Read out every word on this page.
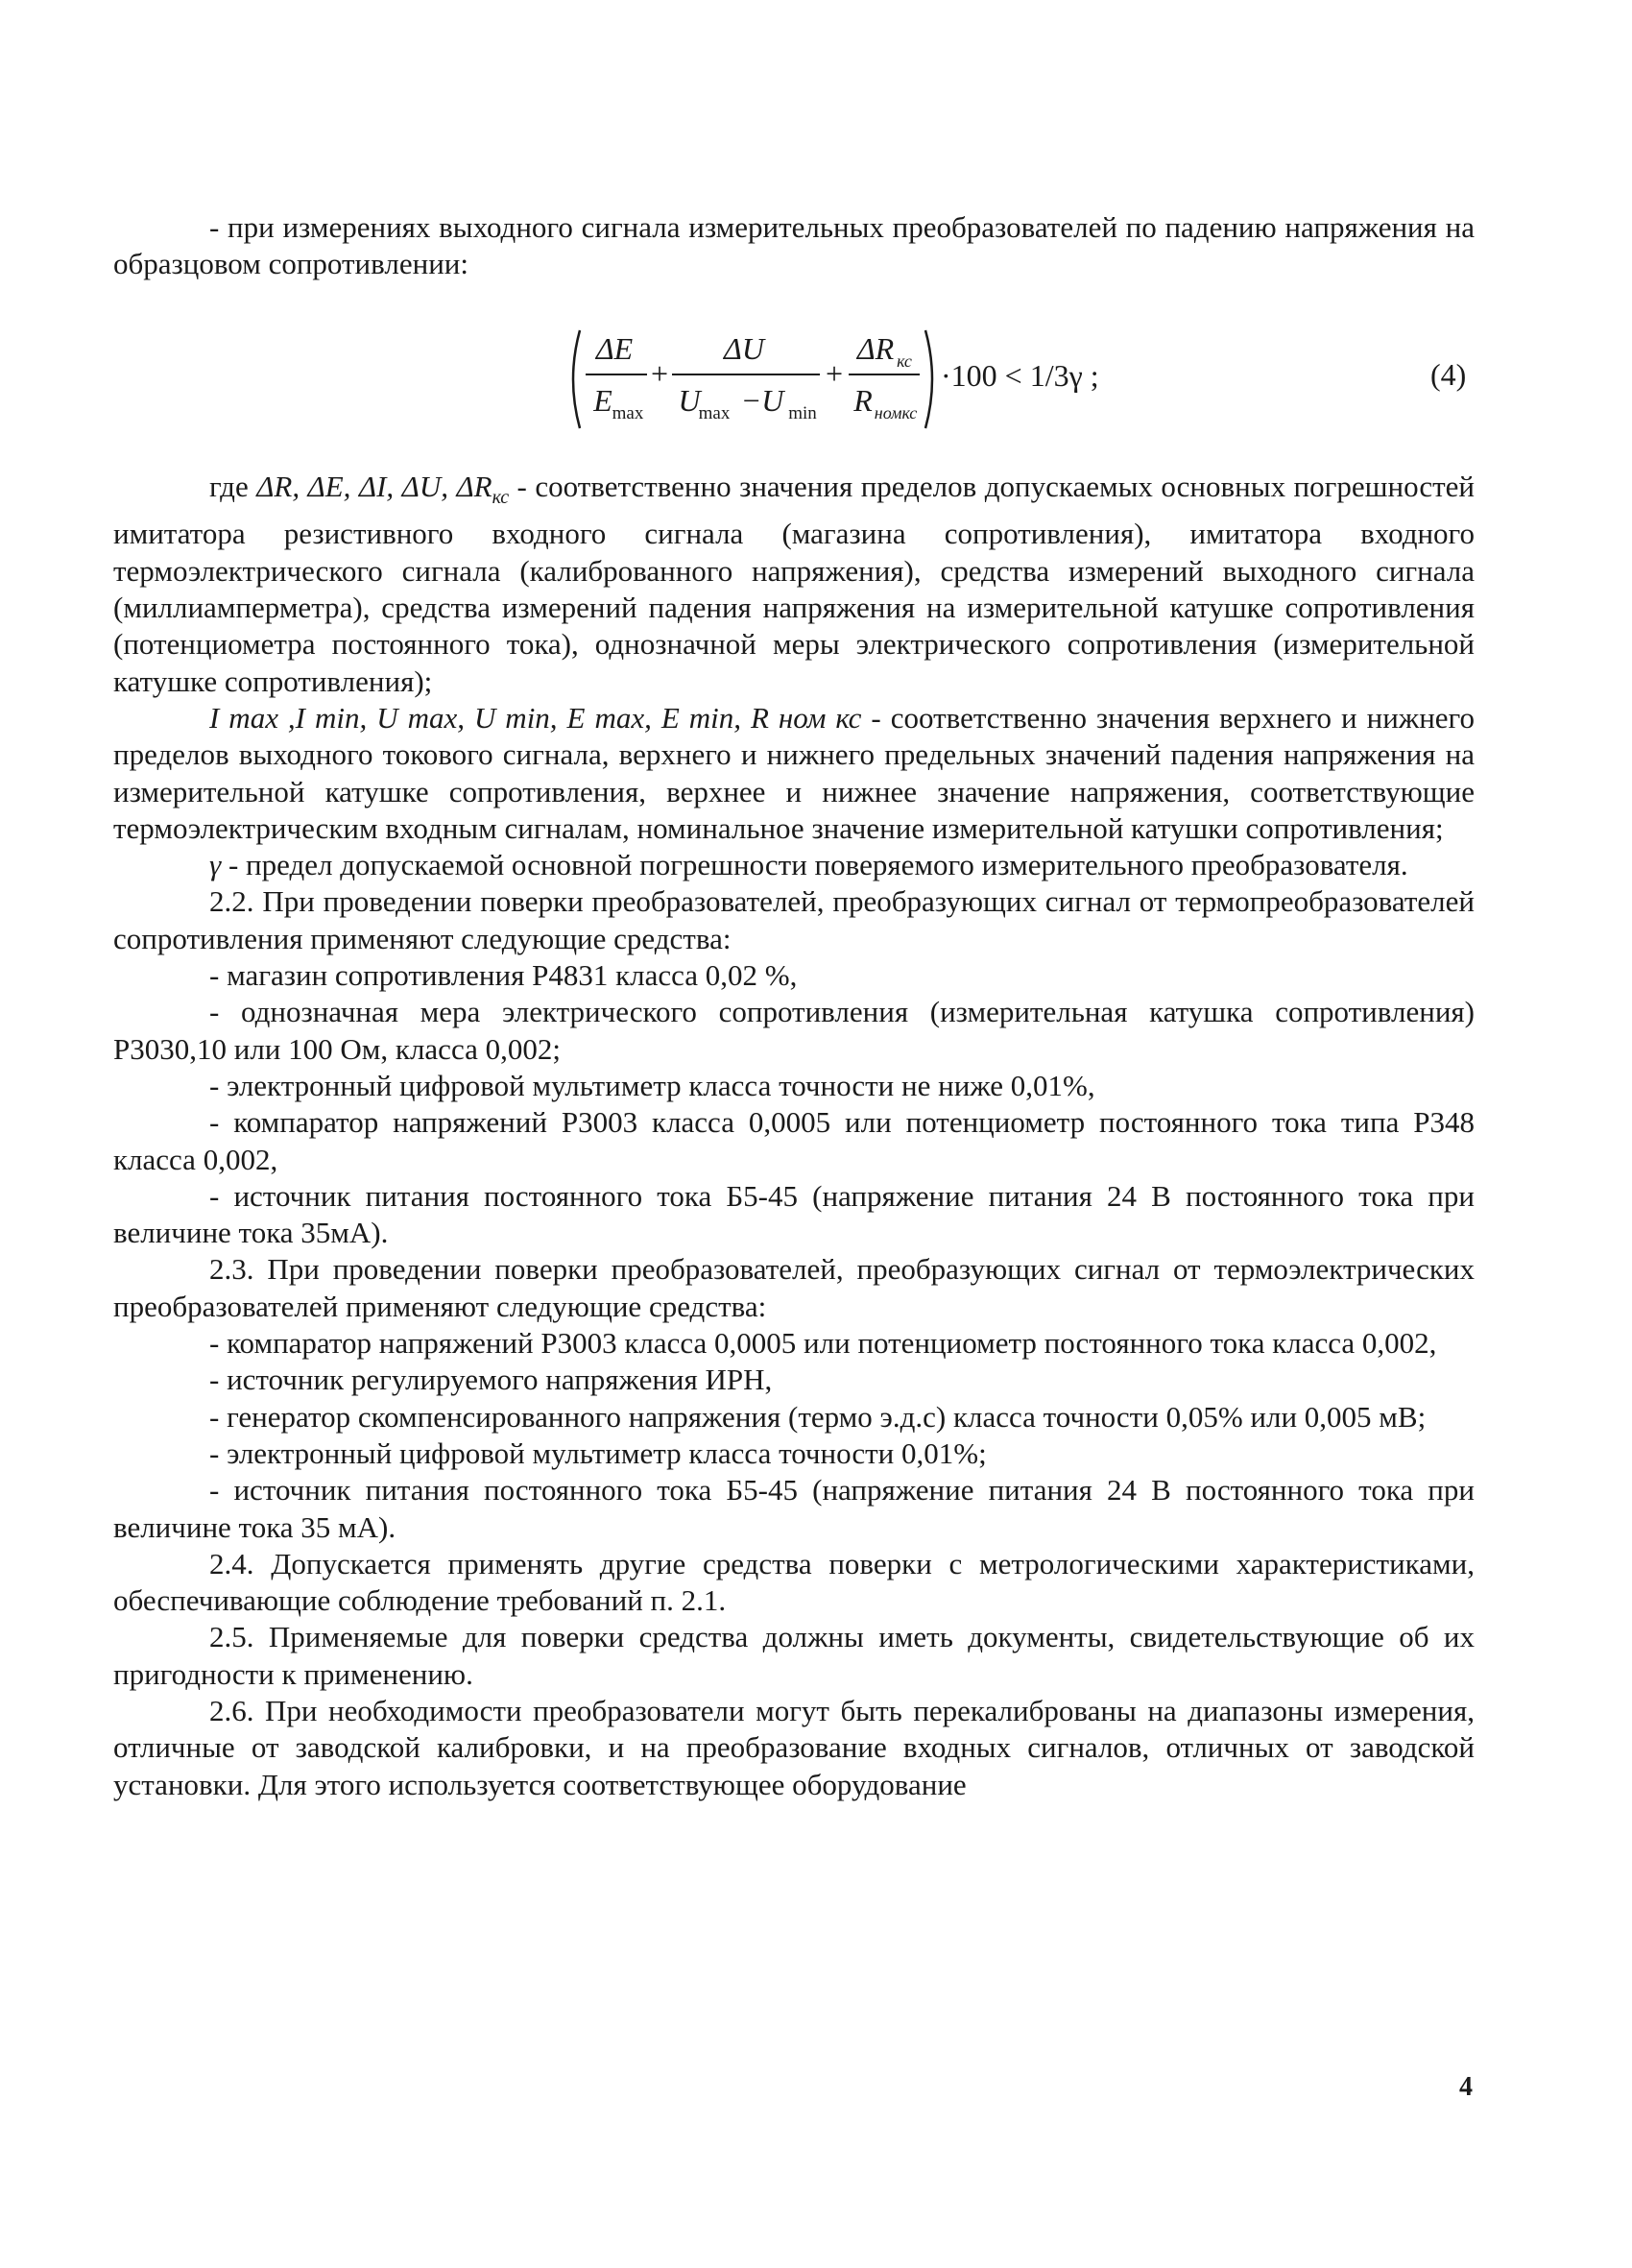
- при измерениях выходного сигнала измерительных преобразователей по падению напряжения на образцовом сопротивлении:

ΔE
E max
+
ΔU
U
max −U min
+
ΔR кс
R номкс
·100 < 1/3γ ;	(4)

где ΔR, ΔE, ΔI, ΔU, $\Delta R_{кс}$ - соответственно значения пределов допускаемых основных погрешностей имитатора резистивного входного сигнала (магазина сопротивления), имитатора входного термоэлектрического сигнала (калиброванного напряжения), средства измерений выходного сигнала (миллиамперметра), средства измерений падения напряжения на измерительной катушке сопротивления (потенциометра постоянного тока), однозначной меры электрического сопротивления (измерительной катушке сопротивления);

I max ,I min, U max, U min, E max, E min, R ном кс - соответственно значения верхнего и нижнего пределов выходного токового сигнала, верхнего и нижнего предельных значений падения напряжения на измерительной катушке сопротивления, верхнее и нижнее значение напряжения, соответствующие термоэлектрическим входным сигналам, номинальное значение измерительной катушки сопротивления;

γ - предел допускаемой основной погрешности поверяемого измерительного преобразователя.

2.2. При проведении поверки преобразователей, преобразующих сигнал от термопреобразователей сопротивления применяют следующие средства:

- магазин сопротивления Р4831 класса 0,02 %,

- однозначная мера электрического сопротивления (измерительная катушка сопротивления) Р3030,10 или 100 Ом, класса 0,002;

- электронный цифровой мультиметр класса точности не ниже 0,01%,

- компаратор напряжений Р3003 класса 0,0005 или потенциометр постоянного тока типа Р348 класса 0,002,

- источник питания постоянного тока Б5-45 (напряжение питания 24 В постоянного тока при величине тока 35мА).

2.3. При проведении поверки преобразователей, преобразующих сигнал от термоэлектрических преобразователей применяют следующие средства:

- компаратор напряжений Р3003 класса 0,0005 или потенциометр постоянного тока класса 0,002,

- источник регулируемого напряжения ИРН,

- генератор скомпенсированного напряжения (термо э.д.с) класса точности 0,05% или 0,005 мВ;

- электронный цифровой мультиметр класса точности 0,01%;

- источник питания постоянного тока Б5-45 (напряжение питания 24 В постоянного тока при величине тока 35 мА).

2.4. Допускается применять другие средства поверки с метрологическими характеристиками, обеспечивающие соблюдение требований п. 2.1.

2.5. Применяемые для поверки средства должны иметь документы, свидетельствующие об их пригодности к применению.

2.6. При необходимости преобразователи могут быть перекалиброваны на диапазоны измерения, отличные от заводской калибровки, и на преобразование входных сигналов, отличных от заводской установки. Для этого используется соответствующее оборудование

4
